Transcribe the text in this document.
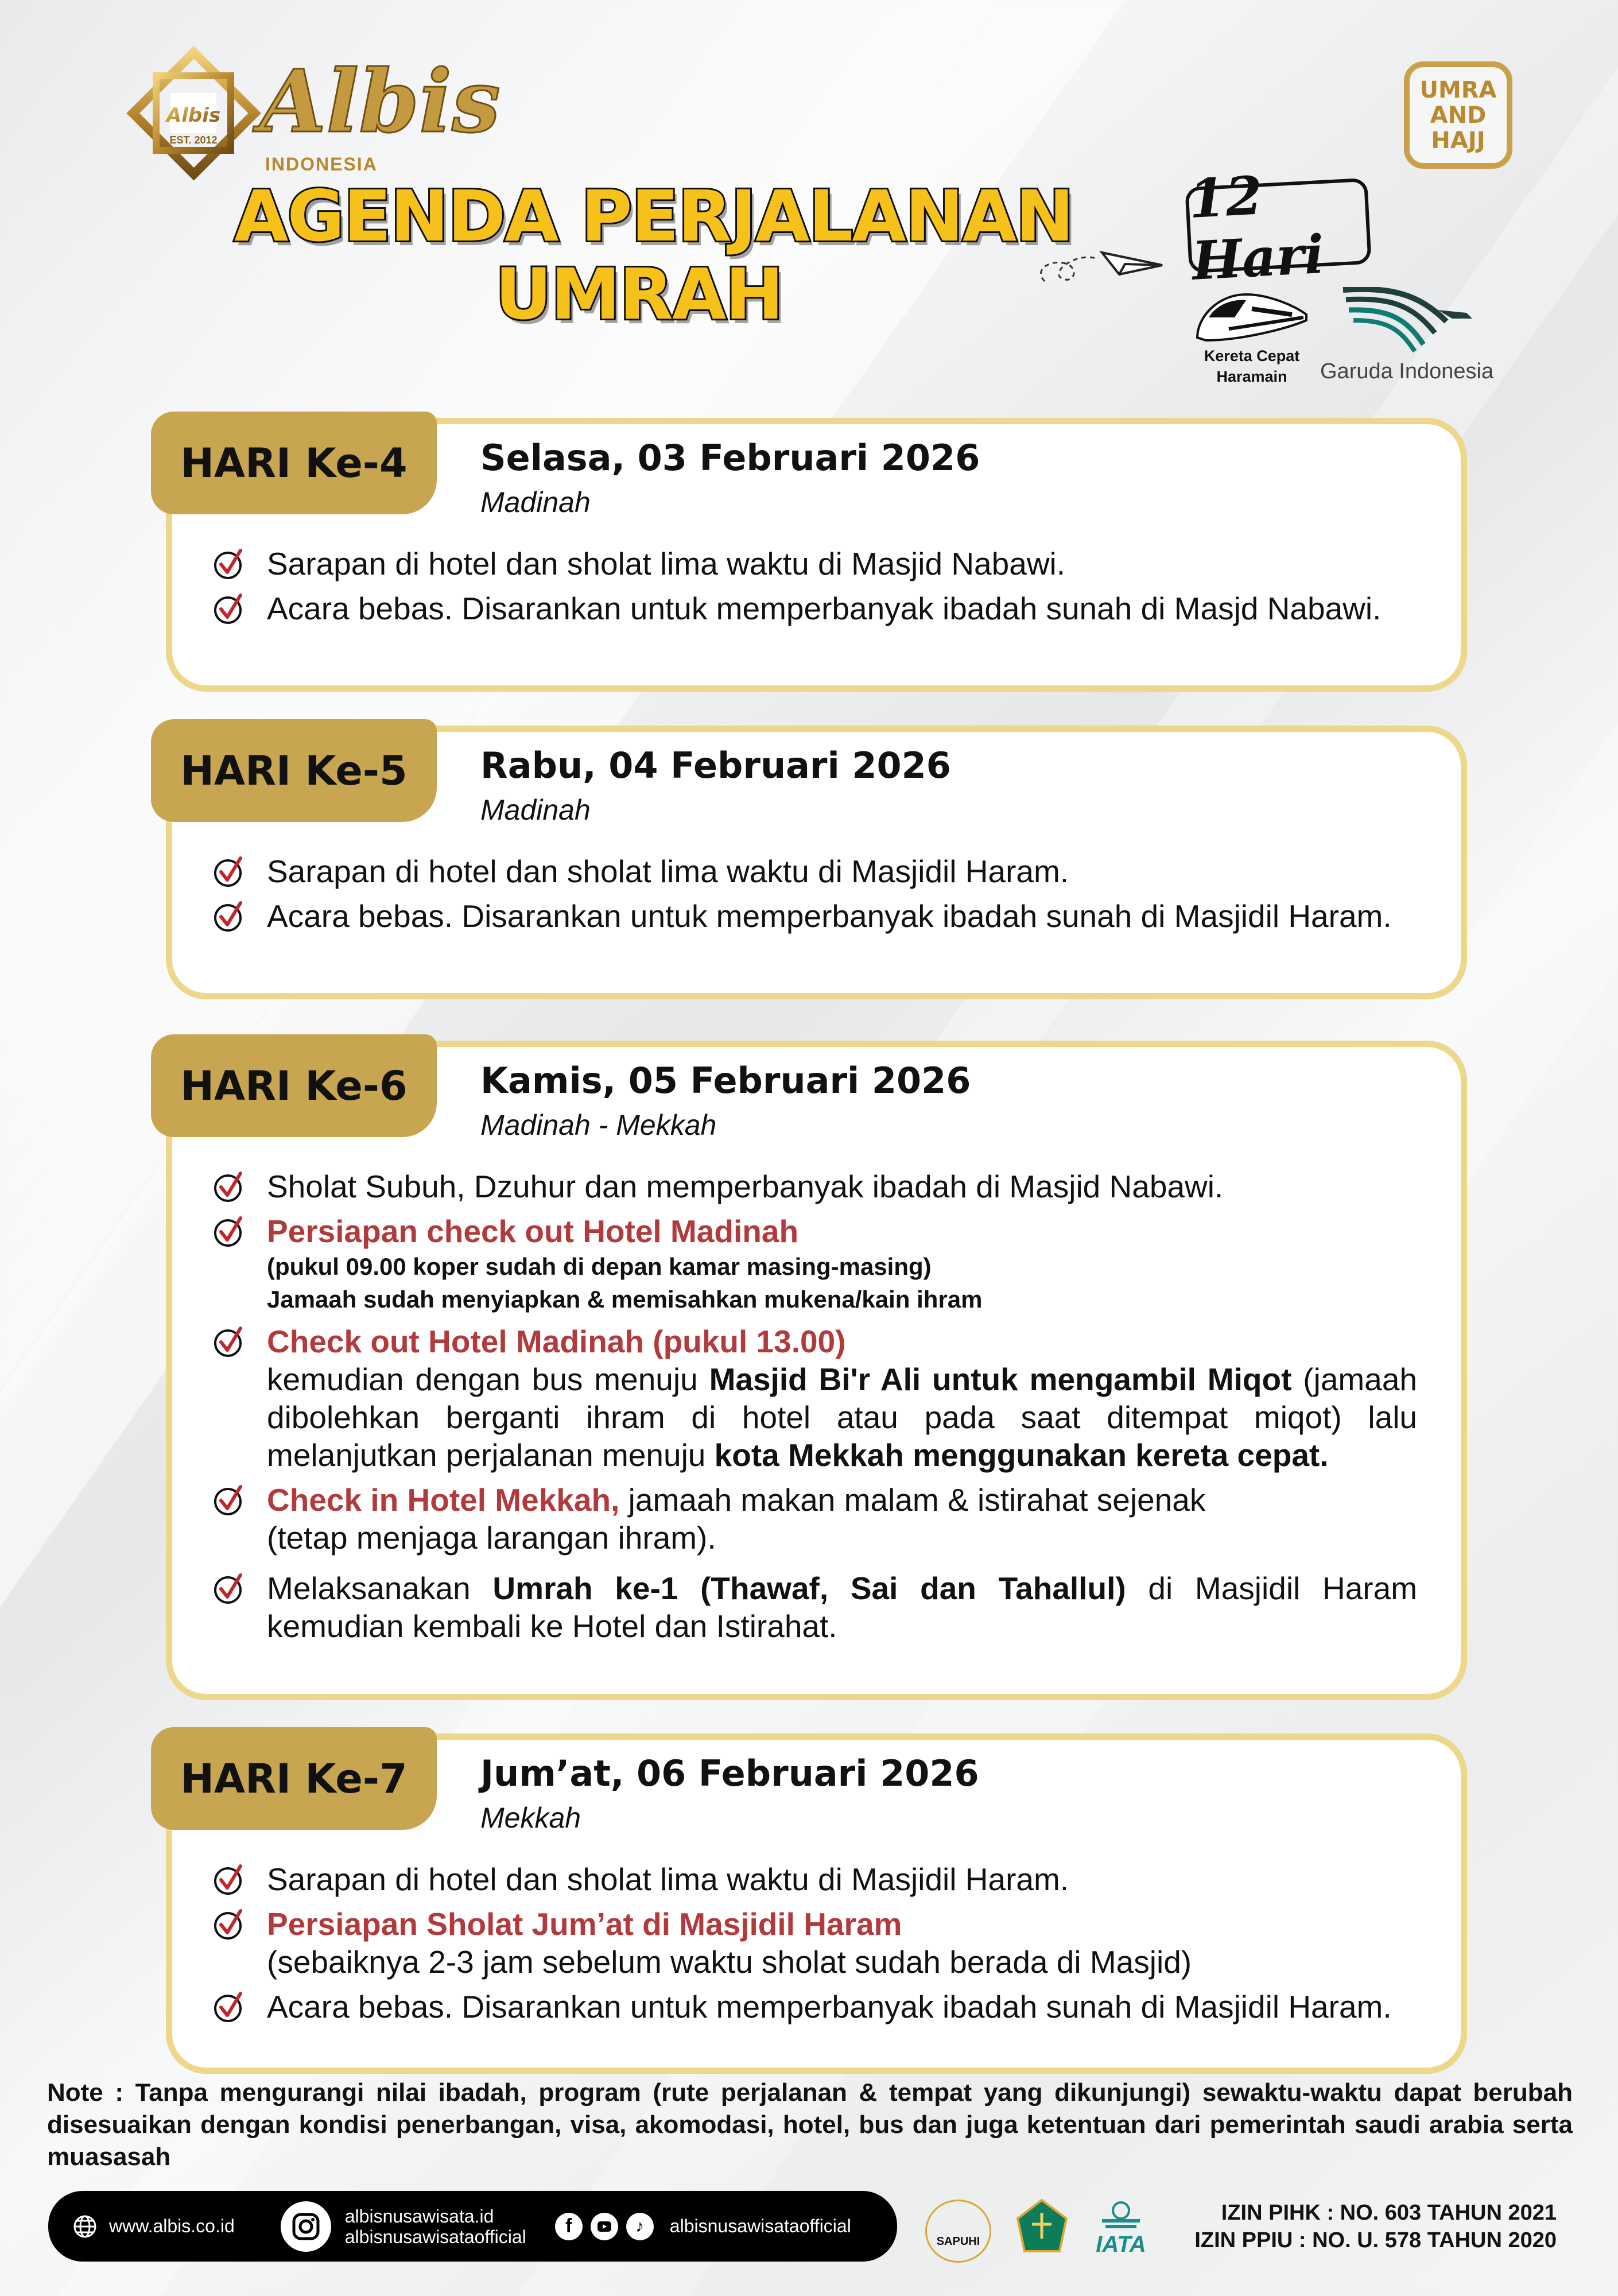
Albis
EST. 2012 Albis
INDONESIA
AGENDA PERJALANAN
UMRAH
UMRA
AND
HAJJ
12 Hari
Kereta Cepat
Haramain	Garuda Indonesia
HARI Ke-4	Selasa, 03 Februari 2026
Madinah
Sarapan di hotel dan sholat lima waktu di Masjid Nabawi.
Acara bebas. Disarankan untuk memperbanyak ibadah sunah di Masjd Nabawi.
HARI Ke-5	Rabu, 04 Februari 2026
Madinah
Sarapan di hotel dan sholat lima waktu di Masjidil Haram.
Acara bebas. Disarankan untuk memperbanyak ibadah sunah di Masjidil Haram.
HARI Ke-6	Kamis, 05 Februari 2026
Madinah - Mekkah
Sholat Subuh, Dzuhur dan memperbanyak ibadah di Masjid Nabawi.
Persiapan check out Hotel Madinah
(pukul 09.00 koper sudah di depan kamar masing-masing)
Jamaah sudah menyiapkan & memisahkan mukena/kain ihram
Check out Hotel Madinah (pukul 13.00)
kemudian dengan bus menuju Masjid Bi'r Ali untuk mengambil Miqot (jamaah dibolehkan berganti ihram di hotel atau pada saat ditempat miqot) lalu melanjutkan perjalanan menuju kota Mekkah menggunakan kereta cepat.
Check in Hotel Mekkah, jamaah makan malam & istirahat sejenak
(tetap menjaga larangan ihram).
Melaksanakan Umrah ke-1 (Thawaf, Sai dan Tahallul) di Masjidil Haram kemudian kembali ke Hotel dan Istirahat.
HARI Ke-7	Jum’at, 06 Februari 2026
Mekkah
Sarapan di hotel dan sholat lima waktu di Masjidil Haram.
Persiapan Sholat Jum’at di Masjidil Haram
(sebaiknya 2-3 jam sebelum waktu sholat sudah berada di Masjid)
Acara bebas. Disarankan untuk memperbanyak ibadah sunah di Masjidil Haram.
Note : Tanpa mengurangi nilai ibadah, program (rute perjalanan & tempat yang dikunjungi) sewaktu-waktu dapat berubah disesuaikan dengan kondisi penerbangan, visa, akomodasi, hotel, bus dan juga ketentuan dari pemerintah saudi arabia serta muasasah
www.albis.co.id	albisnusawisata.id
albisnusawisataofficial	f	♪	albisnusawisataofficial
SAPUHI	IATA
IZIN PIHK : NO. 603 TAHUN 2021
IZIN PPIU : NO. U. 578 TAHUN 2020
